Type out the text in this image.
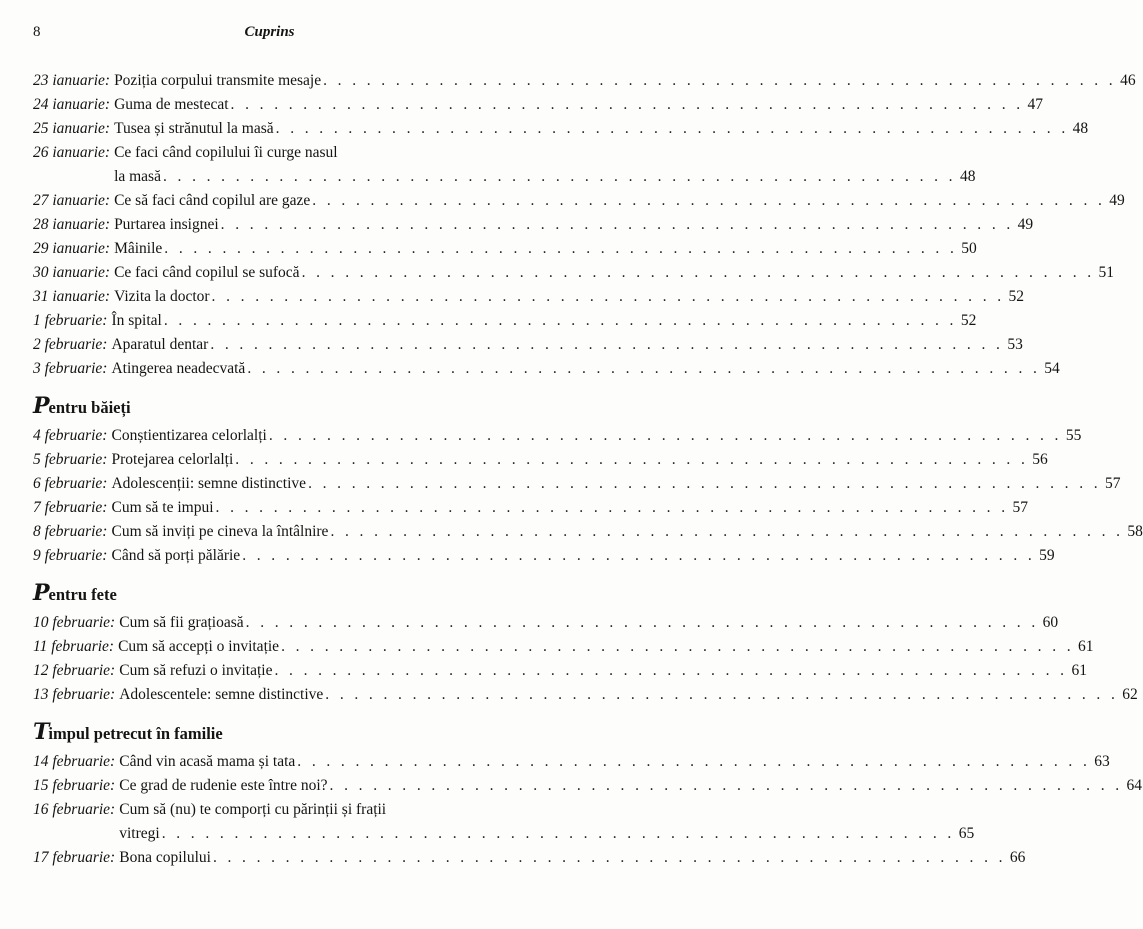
8	Cuprins
23 ianuarie: Poziția corpului transmite mesaje . . . . . . . . . . . . . . . . . . . . . . . . . . . . . . . . . . . . . . . . . . . . . . . . . . . . . . . 46
24 ianuarie: Guma de mestecat . . . . . . . . . . . . . . . . . . . . . . . . . . . . . . . . . . . . . . . . . . . . . . . . . . . . . . . 47
25 ianuarie: Tusea și strănutul la masă . . . . . . . . . . . . . . . . . . . . . . . . . . . . . . . . . . . . . . . . . . . . . . . . . . . . . . . 48
26 ianuarie: Ce faci când copilului îi curge nasul
la masă . . . . . . . . . . . . . . . . . . . . . . . . . . . . . . . . . . . . . . . . . . . . . . . . . . . . . . . 48
27 ianuarie: Ce să faci când copilul are gaze . . . . . . . . . . . . . . . . . . . . . . . . . . . . . . . . . . . . . . . . . . . . . . . . . . . . . . . 49
28 ianuarie: Purtarea insignei . . . . . . . . . . . . . . . . . . . . . . . . . . . . . . . . . . . . . . . . . . . . . . . . . . . . . . . 49
29 ianuarie: Mâinile . . . . . . . . . . . . . . . . . . . . . . . . . . . . . . . . . . . . . . . . . . . . . . . . . . . . . . . 50
30 ianuarie: Ce faci când copilul se sufocă . . . . . . . . . . . . . . . . . . . . . . . . . . . . . . . . . . . . . . . . . . . . . . . . . . . . . . . 51
31 ianuarie: Vizita la doctor . . . . . . . . . . . . . . . . . . . . . . . . . . . . . . . . . . . . . . . . . . . . . . . . . . . . . . . 52
1 februarie: În spital . . . . . . . . . . . . . . . . . . . . . . . . . . . . . . . . . . . . . . . . . . . . . . . . . . . . . . . 52
2 februarie: Aparatul dentar . . . . . . . . . . . . . . . . . . . . . . . . . . . . . . . . . . . . . . . . . . . . . . . . . . . . . . . 53
3 februarie: Atingerea neadecvată . . . . . . . . . . . . . . . . . . . . . . . . . . . . . . . . . . . . . . . . . . . . . . . . . . . . . . . 54
Pentru băieți
4 februarie: Conștientizarea celorlalți . . . . . . . . . . . . . . . . . . . . . . . . . . . . . . . . . . . . . . . . . . . . . . . . . . . . . . . 55
5 februarie: Protejarea celorlalți . . . . . . . . . . . . . . . . . . . . . . . . . . . . . . . . . . . . . . . . . . . . . . . . . . . . . . . 56
6 februarie: Adolescenții: semne distinctive . . . . . . . . . . . . . . . . . . . . . . . . . . . . . . . . . . . . . . . . . . . . . . . . . . . . . . . 57
7 februarie: Cum să te impui . . . . . . . . . . . . . . . . . . . . . . . . . . . . . . . . . . . . . . . . . . . . . . . . . . . . . . . 57
8 februarie: Cum să inviți pe cineva la întâlnire . . . . . . . . . . . . . . . . . . . . . . . . . . . . . . . . . . . . . . . . . . . . . . . . . . . . . . . 58
9 februarie: Când să porți pălărie . . . . . . . . . . . . . . . . . . . . . . . . . . . . . . . . . . . . . . . . . . . . . . . . . . . . . . . 59
Pentru fete
10 februarie: Cum să fii grațioasă . . . . . . . . . . . . . . . . . . . . . . . . . . . . . . . . . . . . . . . . . . . . . . . . . . . . . . . 60
11 februarie: Cum să accepți o invitație . . . . . . . . . . . . . . . . . . . . . . . . . . . . . . . . . . . . . . . . . . . . . . . . . . . . . . . 61
12 februarie: Cum să refuzi o invitație . . . . . . . . . . . . . . . . . . . . . . . . . . . . . . . . . . . . . . . . . . . . . . . . . . . . . . . 61
13 februarie: Adolescentele: semne distinctive . . . . . . . . . . . . . . . . . . . . . . . . . . . . . . . . . . . . . . . . . . . . . . . . . . . . . . . 62
Timpul petrecut în familie
14 februarie: Când vin acasă mama și tata . . . . . . . . . . . . . . . . . . . . . . . . . . . . . . . . . . . . . . . . . . . . . . . . . . . . . . . 63
15 februarie: Ce grad de rudenie este între noi? . . . . . . . . . . . . . . . . . . . . . . . . . . . . . . . . . . . . . . . . . . . . . . . . . . . . . . . 64
16 februarie: Cum să (nu) te comporți cu părinții și frații
vitregi . . . . . . . . . . . . . . . . . . . . . . . . . . . . . . . . . . . . . . . . . . . . . . . . . . . . . . . 65
17 februarie: Bona copilului . . . . . . . . . . . . . . . . . . . . . . . . . . . . . . . . . . . . . . . . . . . . . . . . . . . . . . . 66
